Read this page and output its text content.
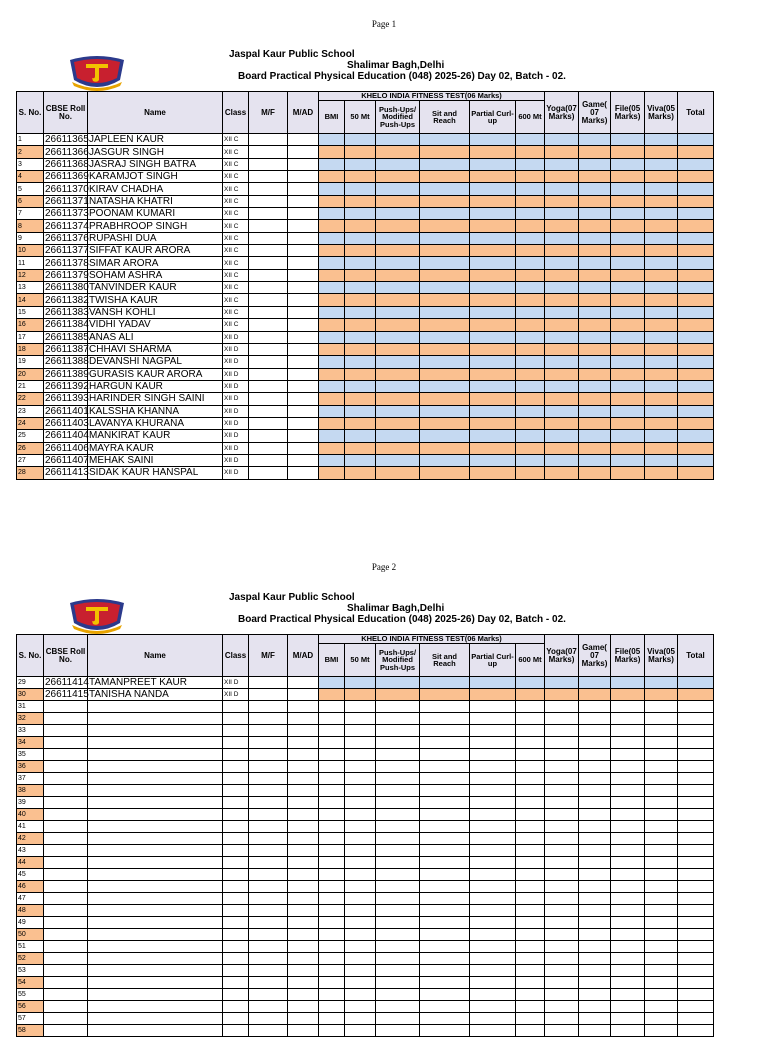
Page 1
Jaspal Kaur Public School
Shalimar Bagh,Delhi
Board Practical Physical Education (048) 2025-26) Day 02, Batch - 02.
S. No.	CBSE Roll No.	Name	Class	M/F	M/AD	KHELO INDIA FITNESS TEST(06 Marks)						Yoga(07 Marks)	Game( 07 Marks)	File(05 Marks)	Viva(05 Marks)	Total
						BMI	50 Mt	Push-Ups/ Modified Push-Ups	Sit and Reach	Partial Curl-up	600 Mt					
1	26611365	JAPLEEN KAUR	XII C													
2	26611366	JASGUR SINGH	XII C													
3	26611368	JASRAJ SINGH BATRA	XII C													
4	26611369	KARAMJOT SINGH	XII C													
5	26611370	KIRAV CHADHA	XII C													
6	26611371	NATASHA KHATRI	XII C													
7	26611373	POONAM KUMARI	XII C													
8	26611374	PRABHROOP SINGH	XII C													
9	26611376	RUPASHI DUA	XII C													
10	26611377	SIFFAT KAUR ARORA	XII C													
11	26611378	SIMAR ARORA	XII C													
12	26611379	SOHAM ASHRA	XII C													
13	26611380	TANVINDER KAUR	XII C													
14	26611382	TWISHA KAUR	XII C													
15	26611383	VANSH KOHLI	XII C													
16	26611384	VIDHI YADAV	XII C													
17	26611385	ANAS ALI	XII D													
18	26611387	CHHAVI SHARMA	XII D													
19	26611388	DEVANSHI NAGPAL	XII D													
20	26611389	GURASIS KAUR ARORA	XII D													
21	26611392	HARGUN KAUR	XII D													
22	26611393	HARINDER SINGH SAINI	XII D													
23	26611401	KALSSHA KHANNA	XII D													
24	26611403	LAVANYA KHURANA	XII D													
25	26611404	MANKIRAT KAUR	XII D													
26	26611406	MAYRA KAUR	XII D													
27	26611407	MEHAK SAINI	XII D													
28	26611413	SIDAK KAUR HANSPAL	XII D													
Page 2
Jaspal Kaur Public School
Shalimar Bagh,Delhi
Board Practical Physical Education (048) 2025-26) Day 02, Batch - 02.
S. No.	CBSE Roll No.	Name	Class	M/F	M/AD	KHELO INDIA FITNESS TEST(06 Marks)						Yoga(07 Marks)	Game( 07 Marks)	File(05 Marks)	Viva(05 Marks)	Total
						BMI	50 Mt	Push-Ups/ Modified Push-Ups	Sit and Reach	Partial Curl-up	600 Mt					
29	26611414	TAMANPREET KAUR	XII D													
30	26611415	TANISHA NANDA	XII D													
31																
32																
33																
34																
35																
36																
37																
38																
39																
40																
41																
42																
43																
44																
45																
46																
47																
48																
49																
50																
51																
52																
53																
54																
55																
56																
57																
58																
